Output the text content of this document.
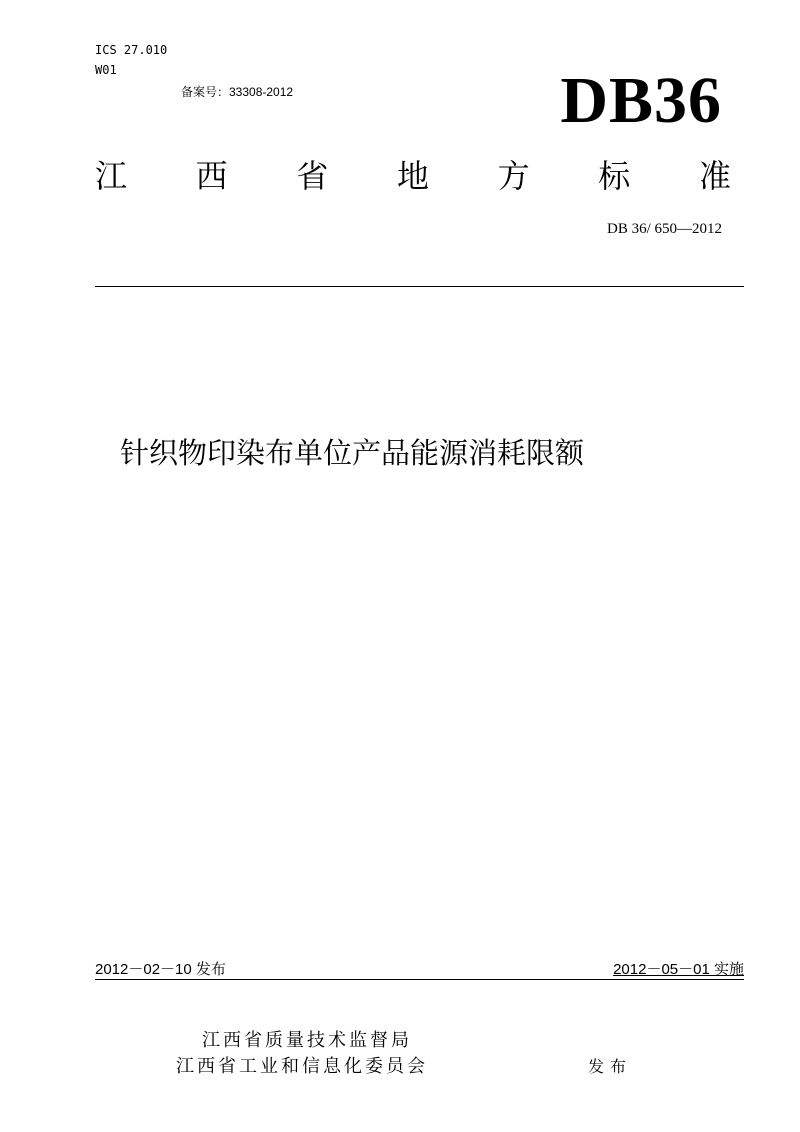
ICS 27.010
W01
备案号：33308-2012	DB36
江 西 省 地 方 标 准
DB 36/ 650—2012
针织物印染布单位产品能源消耗限额
2012－02－10 发布	2012－05－01 实施
江西省质量技术监督局
江西省工业和信息化委员会	发布
